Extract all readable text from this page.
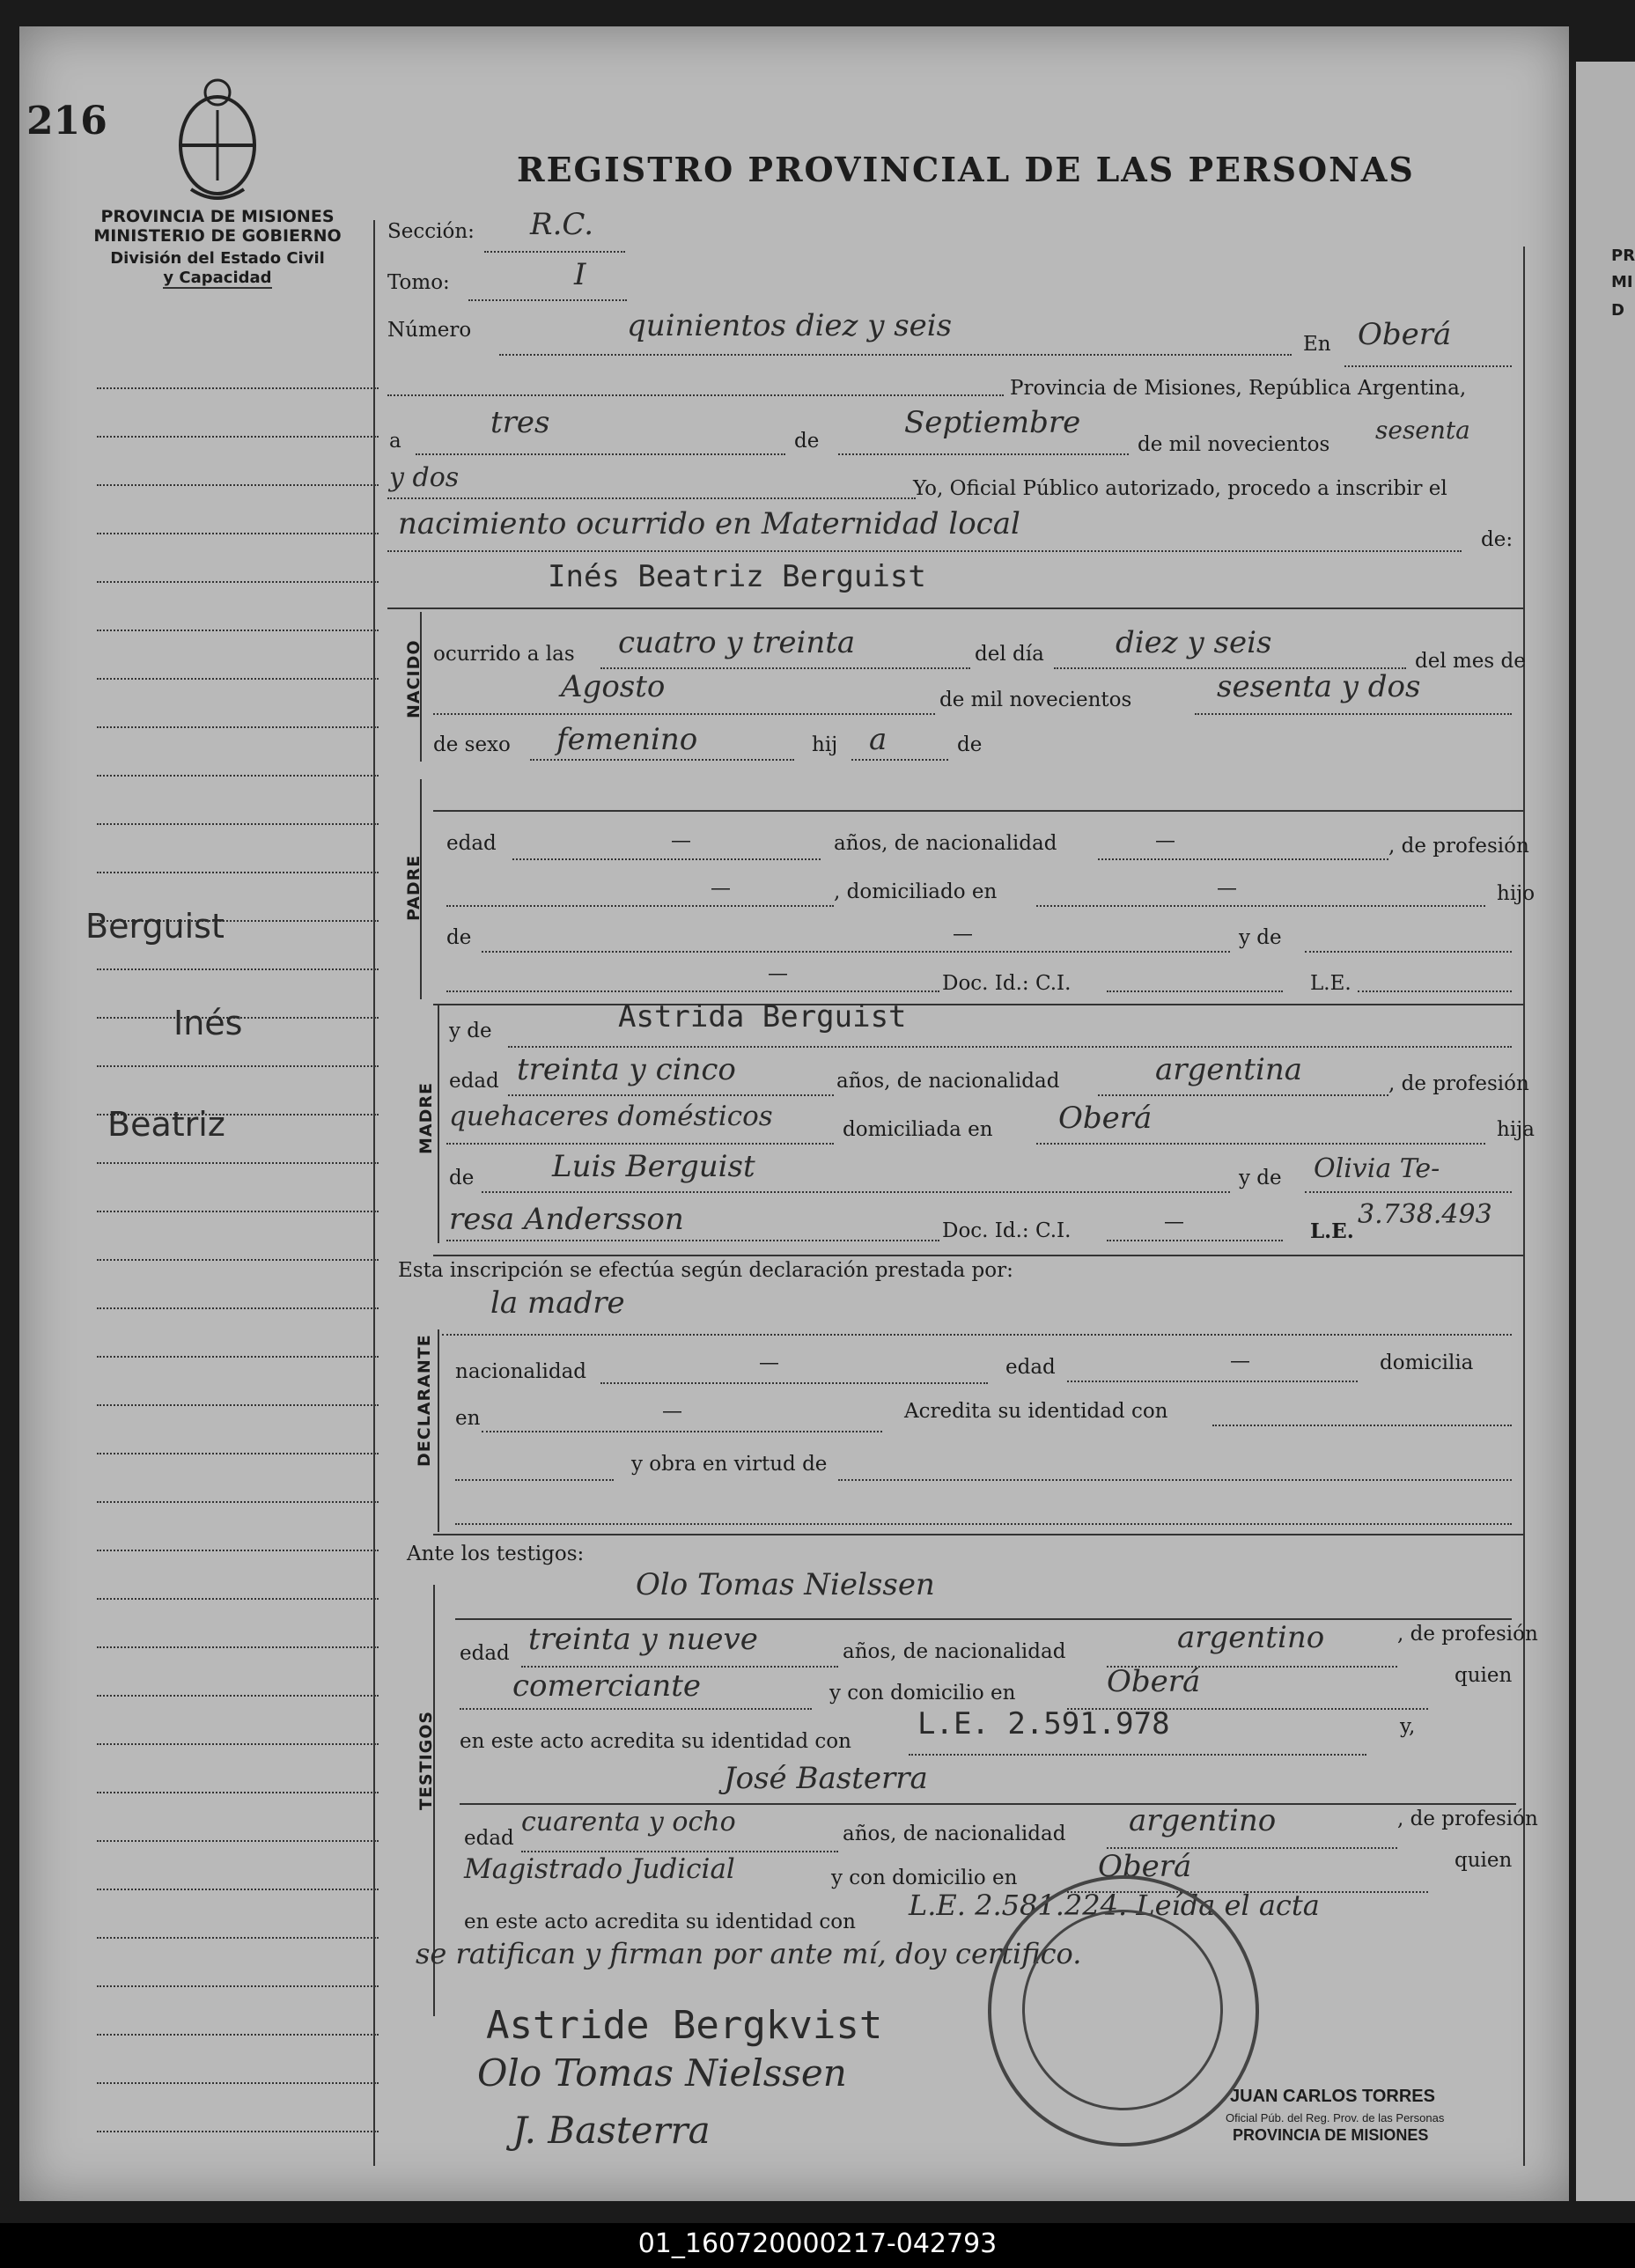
216
REGISTRO PROVINCIAL DE LAS PERSONAS
PROVINCIA DE MISIONES
MINISTERIO DE GOBIERNO
División del Estado Civil
y Capacidad
Berguist
Inés
Beatriz
Sección: R.C.
Tomo:	I
Número	quinientos diez y seis
En Oberá
Provincia de Misiones, República Argentina,
a
tres
de
Septiembre
de mil novecientos sesenta
y dos	Yo, Oficial Público autorizado, procedo a inscribir el
nacimiento ocurrido en Maternidad local	de:
Inés Beatriz Berguist
NACIDO ocurrido a las cuatro y treinta	del día diez y seis
del mes de
Agosto	de mil novecientos	sesenta y dos
de sexo femenino	hij a	de
PADRE
edad	—	años, de nacionalidad	—	, de profesión
—	, domiciliado en	—	hijo
de	—	y de
—	Doc. Id.: C.I.	L.E.
MADRE
y de	Astrida Berguist
edad treinta y cinco	años, de nacionalidad	argentina	, de profesión
quehaceres domésticos	domiciliada en Oberá	hija
de	Luis Berguist	y de Olivia Te-
resa Andersson	Doc. Id.: C.I.	—	L.E.
3.738.493
Esta inscripción se efectúa según declaración prestada por:
la madre
DECLARANTE nacionalidad	—	edad	—	domicilia
en	—	Acredita su identidad con
y obra en virtud de
Ante los testigos:
TESTIGOS
Olo Tomas Nielssen
edad treinta y nueve	años, de nacionalidad	argentino	, de profesión
comerciante	y con domicilio en	Oberá	quien
en este acto acredita su identidad con L.E. 2.591.978	y,
José Basterra
edad
cuarenta y ocho	años, de nacionalidad argentino	, de profesión
Magistrado Judicial	y con domicilio en	Oberá	quien
en este acto acredita su identidad con L.E. 2.581.224. Leída el acta
se ratifican y firman por ante mí, doy certifico.
Astride Bergkvist
Olo Tomas Nielssen
J. Basterra
JUAN CARLOS TORRES
Oficial Púb. del Reg. Prov. de las Personas
PROVINCIA DE MISIONES
PR
MI
D
01_160720000217-042793
